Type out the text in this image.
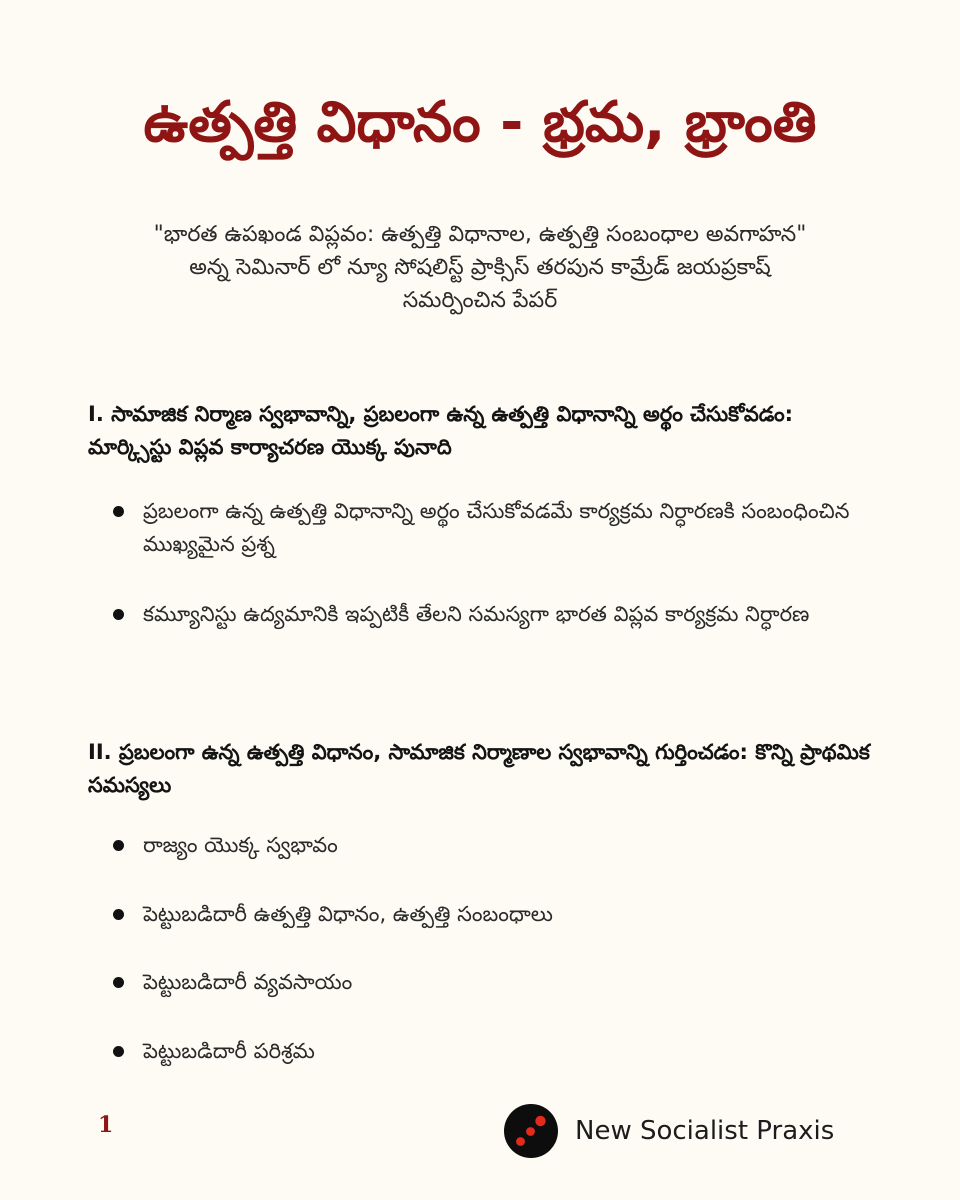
ఉత్పత్తి విధానం - భ్రమ, భ్రాంతి

"భారత ఉపఖండ విప్లవం: ఉత్పత్తి విధానాల, ఉత్పత్తి సంబంధాల అవగాహన" అన్న సెమినార్ లో న్యూ సోషలిస్ట్ ప్రాక్సిస్ తరపున కామ్రేడ్ జయప్రకాష్ సమర్పించిన పేపర్

I. సామాజిక నిర్మాణ స్వభావాన్ని, ప్రబలంగా ఉన్న ఉత్పత్తి విధానాన్ని అర్థం చేసుకోవడం: మార్క్సిస్టు విప్లవ కార్యాచరణ యొక్క పునాది
ప్రబలంగా ఉన్న ఉత్పత్తి విధానాన్ని అర్థం చేసుకోవడమే కార్యక్రమ నిర్ధారణకి సంబంధించిన ముఖ్యమైన ప్రశ్న
కమ్యూనిస్టు ఉద్యమానికి ఇప్పటికీ తేలని సమస్యగా భారత విప్లవ కార్యక్రమ నిర్ధారణ
II. ప్రబలంగా ఉన్న ఉత్పత్తి విధానం, సామాజిక నిర్మాణాల స్వభావాన్ని గుర్తించడం: కొన్ని ప్రాథమిక సమస్యలు
రాజ్యం యొక్క స్వభావం
పెట్టుబడిదారీ ఉత్పత్తి విధానం, ఉత్పత్తి సంబంధాలు
పెట్టుబడిదారీ వ్యవసాయం
పెట్టుబడిదారీ పరిశ్రమ
1	New Socialist Praxis
